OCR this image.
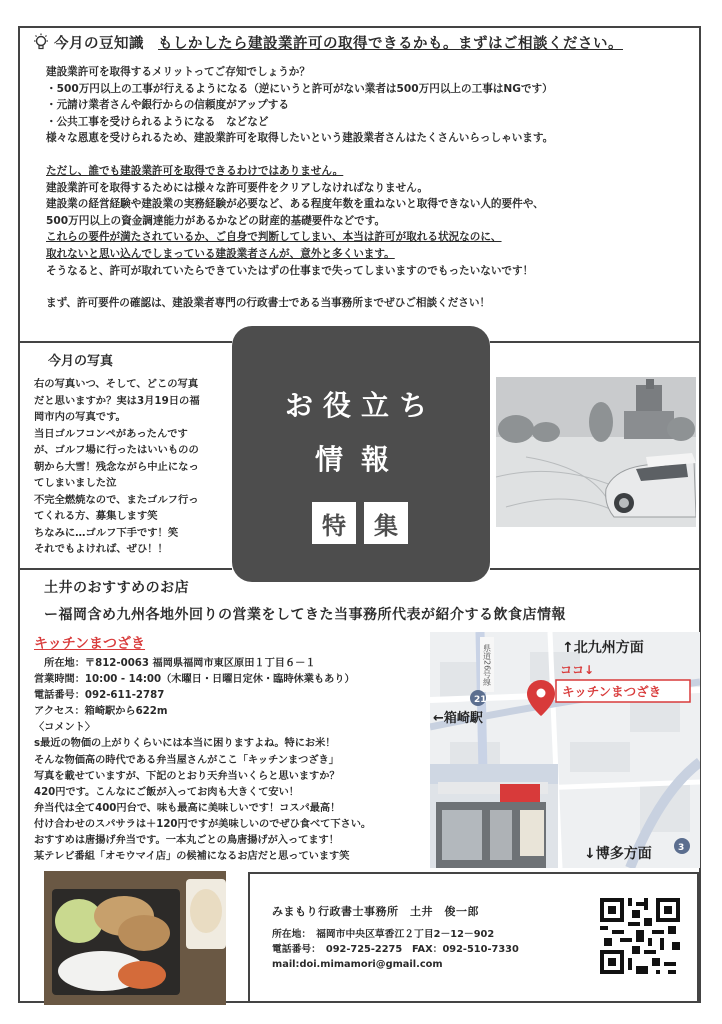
今月の豆知識 もしかしたら建設業許可の取得できるかも。まずはご相談ください。

建設業許可を取得するメリットってご存知でしょうか？

・500万円以上の工事が行えるようになる（逆にいうと許可がない業者は500万円以上の工事はNGです）

・元請け業者さんや銀行からの信頼度がアップする

・公共工事を受けられるようになる　などなど

様々な恩恵を受けられるため、建設業許可を取得したいという建設業者さんはたくさんいらっしゃいます。

ただし、誰でも建設業許可を取得できるわけではありません。

建設業許可を取得するためには様々な許可要件をクリアしなければなりません。

建設業の経営経験や建設業の実務経験が必要など、ある程度年数を重ねないと取得できない人的要件や、

500万円以上の資金調達能力があるかなどの財産的基礎要件などです。

これらの要件が満たされているか、ご自身で判断してしまい、本当は許可が取れる状況なのに、

取れないと思い込んでしまっている建設業者さんが、意外と多くいます。

そうなると、許可が取れていたらできていたはずの仕事まで失ってしまいますのでもったいないです！

まず、許可要件の確認は、建設業者専門の行政書士である当事務所までぜひご相談ください！

今月の写真

右の写真いつ、そして、どこの写真

だと思いますか？実は3月19日の福

岡市内の写真です。

当日ゴルフコンペがあったんです

が、ゴルフ場に行ったはいいものの

朝から大雪！残念ながら中止になっ

てしまいました泣

不完全燃焼なので、またゴルフ行っ

てくれる方、募集します笑

ちなみに…ゴルフ下手です！笑

それでもよければ、ぜひ！！

お役立ち
情報
特	集
土井のおすすめのお店
ー福岡含め九州各地外回りの営業をしてきた当事務所代表が紹介する飲食店情報
キッチンまつざき

　所在地：〒812-0063 福岡県福岡市東区原田１丁目６－１

営業時間：10:00 - 14:00（木曜日・日曜日定休・臨時休業もあり）

電話番号：092-611-2787

アクセス：箱崎駅から622m

〈コメント〉

s最近の物価の上がりくらいには本当に困りますよね。特にお米！

そんな物価高の時代である弁当屋さんがここ「キッチンまつざき」

写真を載せていますが、下記のとおり天弁当いくらと思いますか？

420円です。こんなにご飯が入ってお肉も大きくて安い！

弁当代は全て400円台で、味も最高に美味しいです！コスパ最高！

付け合わせのスパサラは＋120円ですが美味しいのでぜひ食べて下さい。

おすすめは唐揚げ弁当です。一本丸ごとの鳥唐揚げが入ってます！

某テレビ番組「オモウマイ店」の候補になるお店だと思っています笑

県道26号線
21
3
↑北九州方面
←箱崎駅
ココ↓
キッチンまつざき
↓博多方面
みまもり行政書士事務所　土井　俊一郎

所在地：　福岡市中央区草香江２丁目2－12－902

電話番号：　092-725-2275　FAX：092-510-7330

mail:doi.mimamori@gmail.com
